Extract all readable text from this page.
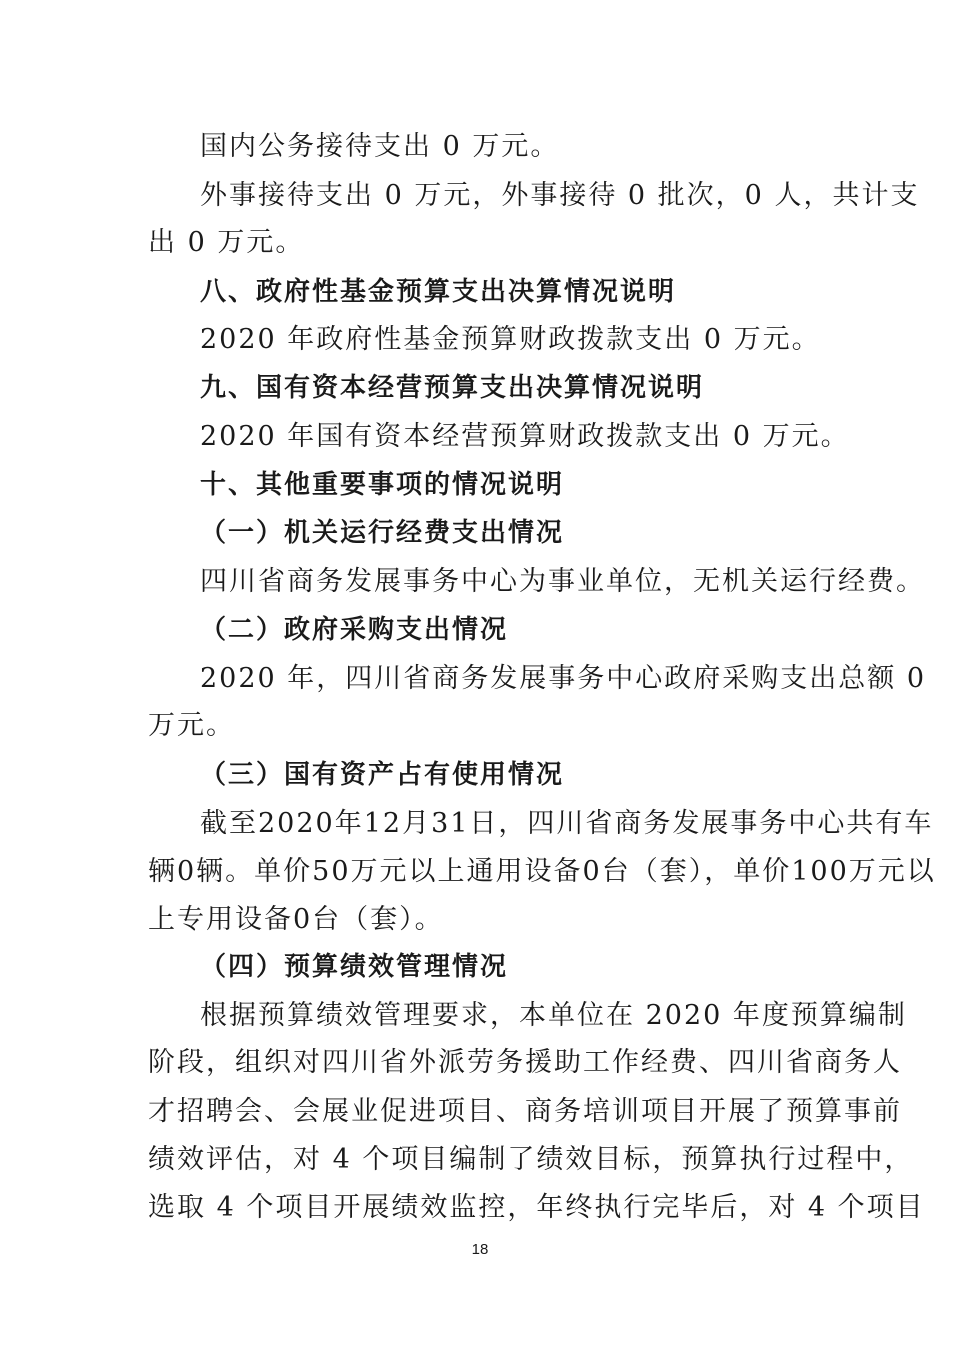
国内公务接待支出 0 万元。
外事接待支出 0 万元，外事接待 0 批次，0 人，共计支
出 0 万元。
八、政府性基金预算支出决算情况说明
2020 年政府性基金预算财政拨款支出 0 万元。
九、国有资本经营预算支出决算情况说明
2020 年国有资本经营预算财政拨款支出 0 万元。
十、其他重要事项的情况说明
（一）机关运行经费支出情况
四川省商务发展事务中心为事业单位，无机关运行经费。
（二）政府采购支出情况
2020 年，四川省商务发展事务中心政府采购支出总额 0
万元。
（三）国有资产占有使用情况
截至2020年12月31日，四川省商务发展事务中心共有车
辆0辆。单价50万元以上通用设备0台（套），单价100万元以
上专用设备0台（套）。
（四）预算绩效管理情况
根据预算绩效管理要求，本单位在 2020 年度预算编制
阶段，组织对四川省外派劳务援助工作经费、四川省商务人
才招聘会、会展业促进项目、商务培训项目开展了预算事前
绩效评估，对 4 个项目编制了绩效目标，预算执行过程中，
选取 4 个项目开展绩效监控，年终执行完毕后，对 4 个项目
18
